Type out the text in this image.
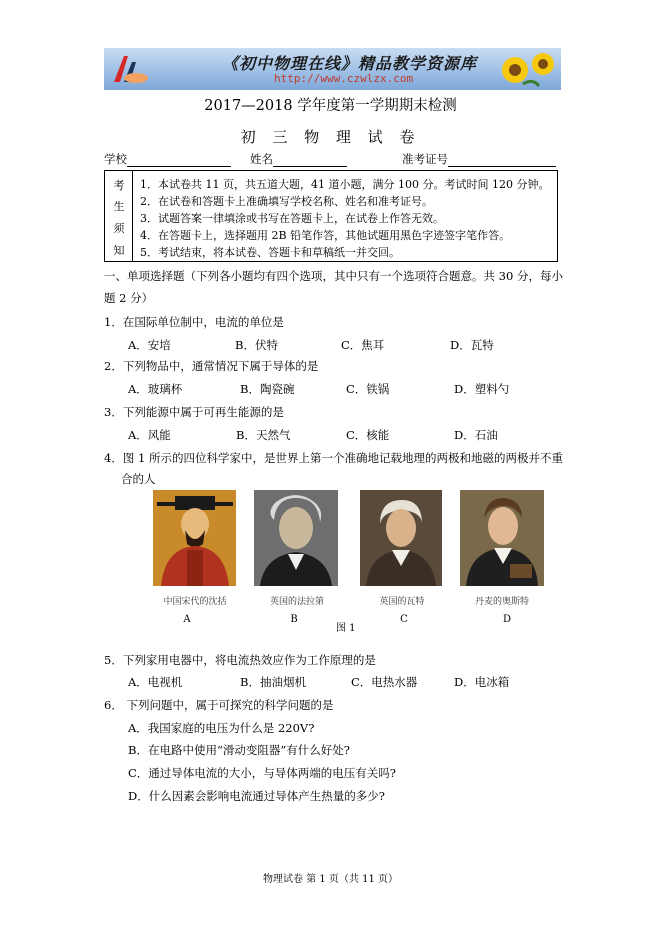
《初中物理在线》精品教学资源库
http://www.czwlzx.com
2017—2018 学年度第一学期期末检测
初 三 物 理 试 卷
学校	姓名	准考证号
考
生
须
知
1．本试卷共 11 页，共五道大题，41 道小题，满分 100 分。考试时间 120 分钟。
2．在试卷和答题卡上准确填写学校名称、姓名和准考证号。
3．试题答案一律填涂或书写在答题卡上，在试卷上作答无效。
4．在答题卡上，选择题用 2B 铅笔作答，其他试题用黑色字迹签字笔作答。
5．考试结束，将本试卷、答题卡和草稿纸一并交回。
一、单项选择题（下列各小题均有四个选项，其中只有一个选项符合题意。共 30 分，每小
题 2 分）
1．在国际单位制中，电流的单位是
A．安培	B．伏特	C．焦耳	D．瓦特
2．下列物品中，通常情况下属于导体的是
A．玻璃杯	B．陶瓷碗	C．铁锅	D．塑料勺
3．下列能源中属于可再生能源的是
A．风能	B．天然气	C．核能	D．石油
4．图 1 所示的四位科学家中，是世界上第一个准确地记载地理的两极和地磁的两极并不重
合的人
中国宋代的沈括	英国的法拉第	英国的瓦特	丹麦的奥斯特
A	B	C	D
图 1
5．下列家用电器中，将电流热效应作为工作原理的是
A．电视机	B．抽油烟机	C．电热水器	D．电冰箱
6． 下列问题中，属于可探究的科学问题的是
A．我国家庭的电压为什么是 220V?
B．在电路中使用“滑动变阻器”有什么好处?
C．通过导体电流的大小，与导体两端的电压有关吗?
D．什么因素会影响电流通过导体产生热量的多少?
物理试卷 第 1 页（共 11 页）
